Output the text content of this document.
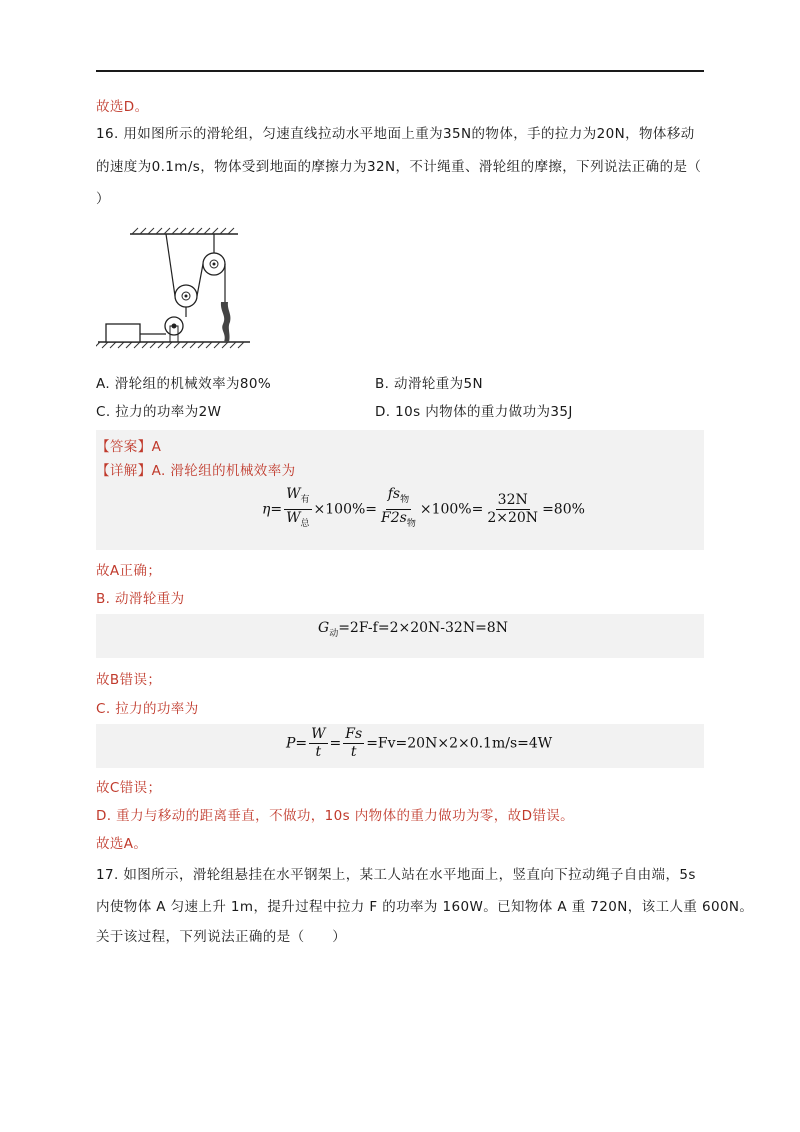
故选D。
16. 用如图所示的滑轮组，匀速直线拉动水平地面上重为35N的物体，手的拉力为20N，物体移动
的速度为0.1m/s，物体受到地面的摩擦力为32N，不计绳重、滑轮组的摩擦，下列说法正确的是（
）
A. 滑轮组的机械效率为80%	B. 动滑轮重为5N
C. 拉力的功率为2W	D. 10s 内物体的重力做功为35J
【答案】A
【详解】A. 滑轮组的机械效率为
$\eta= \frac{W_有}{W_总} \times 100\%= \frac{fs_物}{F2s_物} \times 100\%= \frac{32N}{2\times 20N} =80\%$
故A正确；
B. 动滑轮重为
$G_动=2F-f=2\times 20N-32N=8N$
故B错误；
C. 拉力的功率为
$P= \frac{W}{t} = \frac{Fs}{t} =Fv=20N\times 2\times 0.1m/s=4W$
故C错误；
D. 重力与移动的距离垂直，不做功，10s 内物体的重力做功为零，故D错误。
故选A。
17. 如图所示，滑轮组悬挂在水平钢架上，某工人站在水平地面上，竖直向下拉动绳子自由端，5s
内使物体 A 匀速上升 1m，提升过程中拉力 F 的功率为 160W。已知物体 A 重 720N，该工人重 600N。
关于该过程，下列说法正确的是（　　）
